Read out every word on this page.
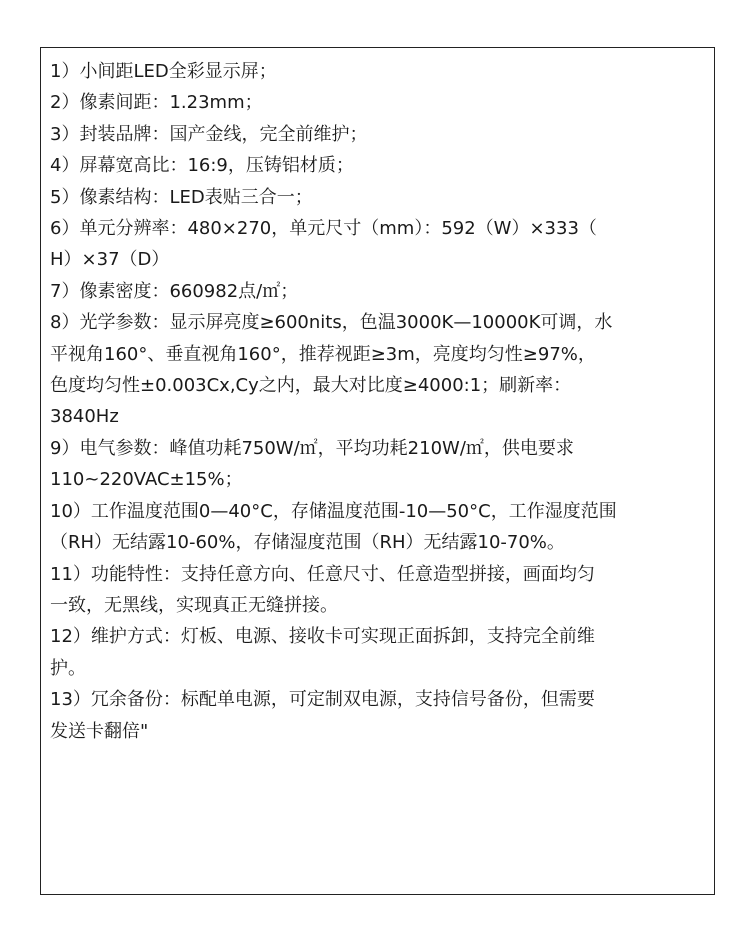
1）小间距LED全彩显示屏；

2）像素间距：1.23mm；

3）封装品牌：国产金线，完全前维护；

4）屏幕宽高比：16:9，压铸铝材质；

5）像素结构：LED表贴三合一；

6）单元分辨率：480×270，单元尺寸（mm）：592（W）×333（

H）×37（D）

7）像素密度：660982点/㎡；

8）光学参数：显示屏亮度≥600nits，色温3000K—10000K可调，水

平视角160°、垂直视角160°，推荐视距≥3m，亮度均匀性≥97%，

色度均匀性±0.003Cx,Cy之内，最大对比度≥4000:1；刷新率：

3840Hz

9）电气参数：峰值功耗750W/㎡，平均功耗210W/㎡，供电要求

110~220VAC±15%；

10）工作温度范围0—40°C，存储温度范围-10—50°C，工作湿度范围

（RH）无结露10-60%，存储湿度范围（RH）无结露10-70%。

11）功能特性：支持任意方向、任意尺寸、任意造型拼接，画面均匀

一致，无黑线，实现真正无缝拼接。

12）维护方式：灯板、电源、接收卡可实现正面拆卸，支持完全前维

护。

13）冗余备份：标配单电源，可定制双电源，支持信号备份，但需要

发送卡翻倍"
